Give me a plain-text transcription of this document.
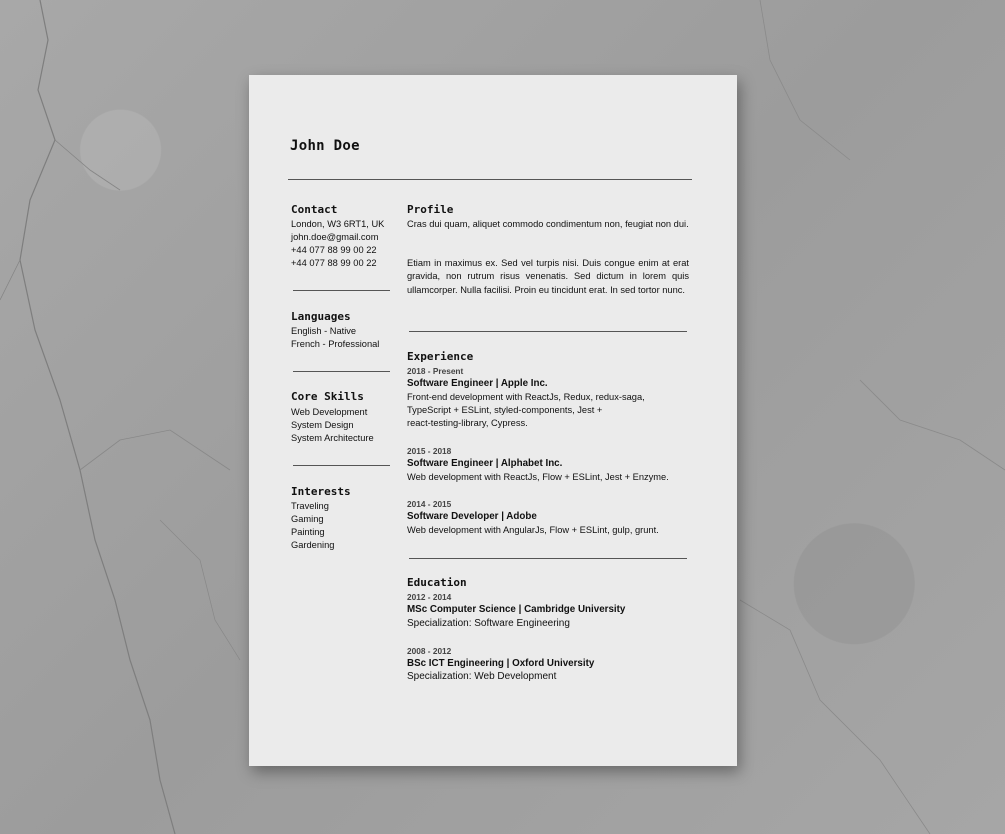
John Doe
Contact
London, W3 6RT1, UK
john.doe@gmail.com
+44 077 88 99 00 22
+44 077 88 99 00 22
Languages
English - Native
French - Professional
Core Skills
Web Development
System Design
System Architecture
Interests
Traveling
Gaming
Painting
Gardening
Profile
Cras dui quam, aliquet commodo condimentum non, feugiat non dui.
Etiam in maximus ex. Sed vel turpis nisi. Duis congue enim at erat gravida, non rutrum risus venenatis. Sed dictum in lorem quis ullamcorper. Nulla facilisi. Proin eu tincidunt erat. In sed tortor nunc.
Experience
2018 - Present
Software Engineer | Apple Inc.
Front-end development with ReactJs, Redux, redux-saga,
TypeScript + ESLint, styled-components, Jest +
react-testing-library, Cypress.
2015 - 2018
Software Engineer | Alphabet Inc.
Web development with ReactJs, Flow + ESLint, Jest + Enzyme.
2014 - 2015
Software Developer | Adobe
Web development with AngularJs, Flow + ESLint, gulp, grunt.
Education
2012 - 2014
MSc Computer Science | Cambridge University
Specialization: Software Engineering
2008 - 2012
BSc ICT Engineering | Oxford University
Specialization: Web Development
